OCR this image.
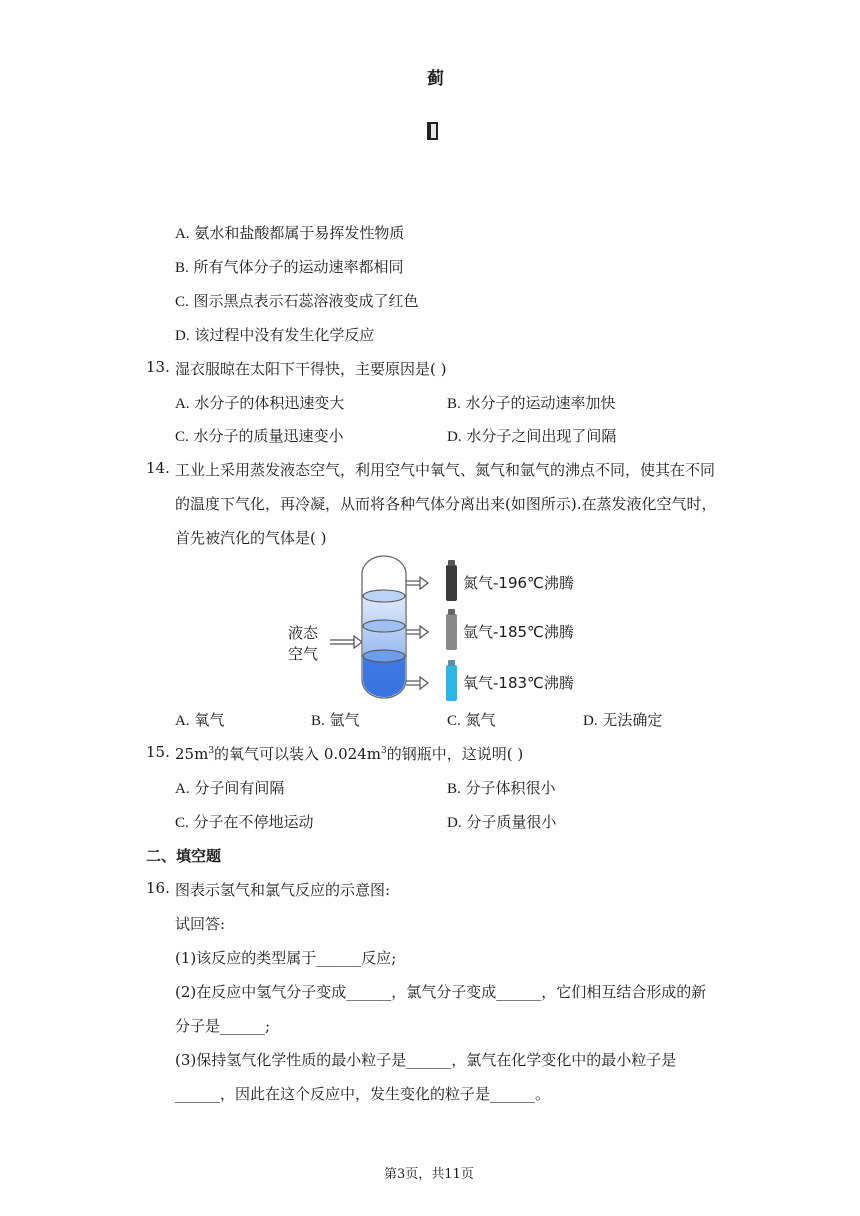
蓟
A. 氨水和盐酸都属于易挥发性物质
B. 所有气体分子的运动速率都相同
C. 图示黑点表示石蕊溶液变成了红色
D. 该过程中没有发生化学反应
13. 湿衣服晾在太阳下干得快，主要原因是( )
A. 水分子的体积迅速变大	B. 水分子的运动速率加快
C. 水分子的质量迅速变小	D. 水分子之间出现了间隔
14. 工业上采用蒸发液态空气，利用空气中氧气、氮气和氩气的沸点不同，使其在不同
的温度下气化，再冷凝，从而将各种气体分离出来(如图所示).在蒸发液化空气时，
首先被汽化的气体是( )
液态
空气
氮气-196℃沸腾
氩气-185℃沸腾
氧气-183℃沸腾
A. 氧气	B. 氩气	C. 氮气	D. 无法确定
15. $25m^3$的氧气可以装入 $0.024m^3$的钢瓶中，这说明( )
A. 分子间有间隔	B. 分子体积很小
C. 分子在不停地运动	D. 分子质量很小
二、填空题
16. 图表示氢气和氯气反应的示意图:
试回答:
(1)该反应的类型属于______反应;
(2)在反应中氢气分子变成______，氯气分子变成______，它们相互结合形成的新
分子是______;
(3)保持氢气化学性质的最小粒子是______，氯气在化学变化中的最小粒子是
______，因此在这个反应中，发生变化的粒子是______。
第3页，共11页
